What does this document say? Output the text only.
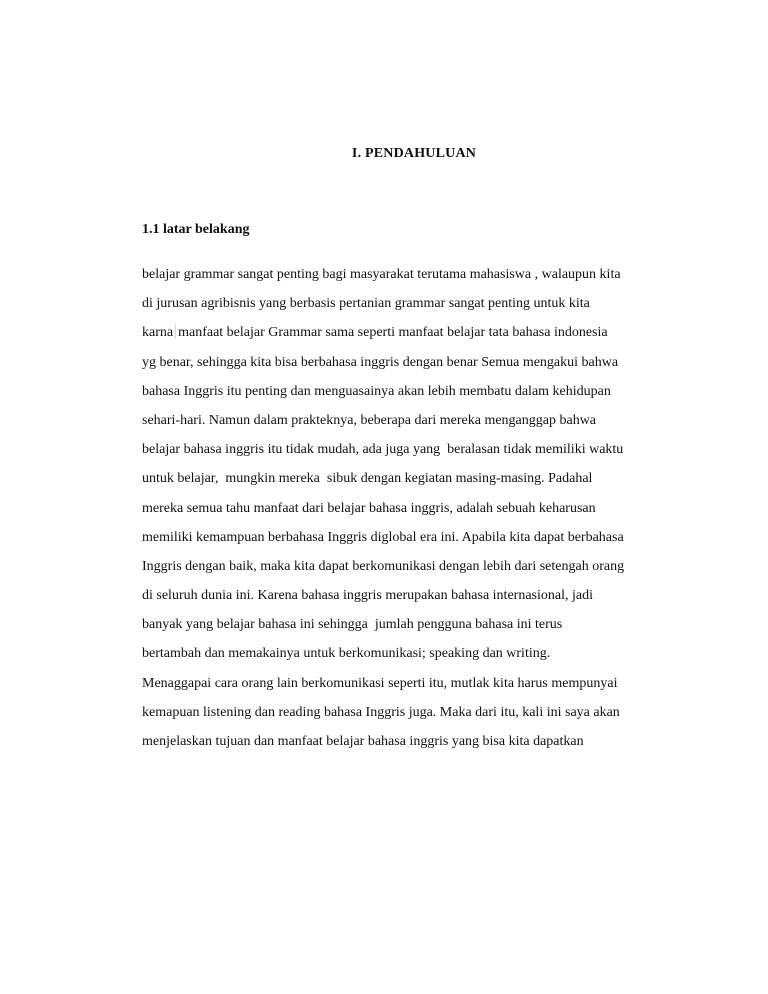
I. PENDAHULUAN
1.1 latar belakang
belajar grammar sangat penting bagi masyarakat terutama mahasiswa , walaupun kita
di jurusan agribisnis yang berbasis pertanian grammar sangat penting untuk kita
karna manfaat belajar Grammar sama seperti manfaat belajar tata bahasa indonesia
yg benar, sehingga kita bisa berbahasa inggris dengan benar Semua mengakui bahwa
bahasa Inggris itu penting dan menguasainya akan lebih membatu dalam kehidupan
sehari-hari. Namun dalam prakteknya, beberapa dari mereka menganggap bahwa
belajar bahasa inggris itu tidak mudah, ada juga yang  beralasan tidak memiliki waktu
untuk belajar,  mungkin mereka  sibuk dengan kegiatan masing-masing. Padahal
mereka semua tahu manfaat dari belajar bahasa inggris, adalah sebuah keharusan
memiliki kemampuan berbahasa Inggris diglobal era ini. Apabila kita dapat berbahasa
Inggris dengan baik, maka kita dapat berkomunikasi dengan lebih dari setengah orang
di seluruh dunia ini. Karena bahasa inggris merupakan bahasa internasional, jadi
banyak yang belajar bahasa ini sehingga  jumlah pengguna bahasa ini terus
bertambah dan memakainya untuk berkomunikasi; speaking dan writing.
Menaggapai cara orang lain berkomunikasi seperti itu, mutlak kita harus mempunyai
kemapuan listening dan reading bahasa Inggris juga. Maka dari itu, kali ini saya akan
menjelaskan tujuan dan manfaat belajar bahasa inggris yang bisa kita dapatkan
